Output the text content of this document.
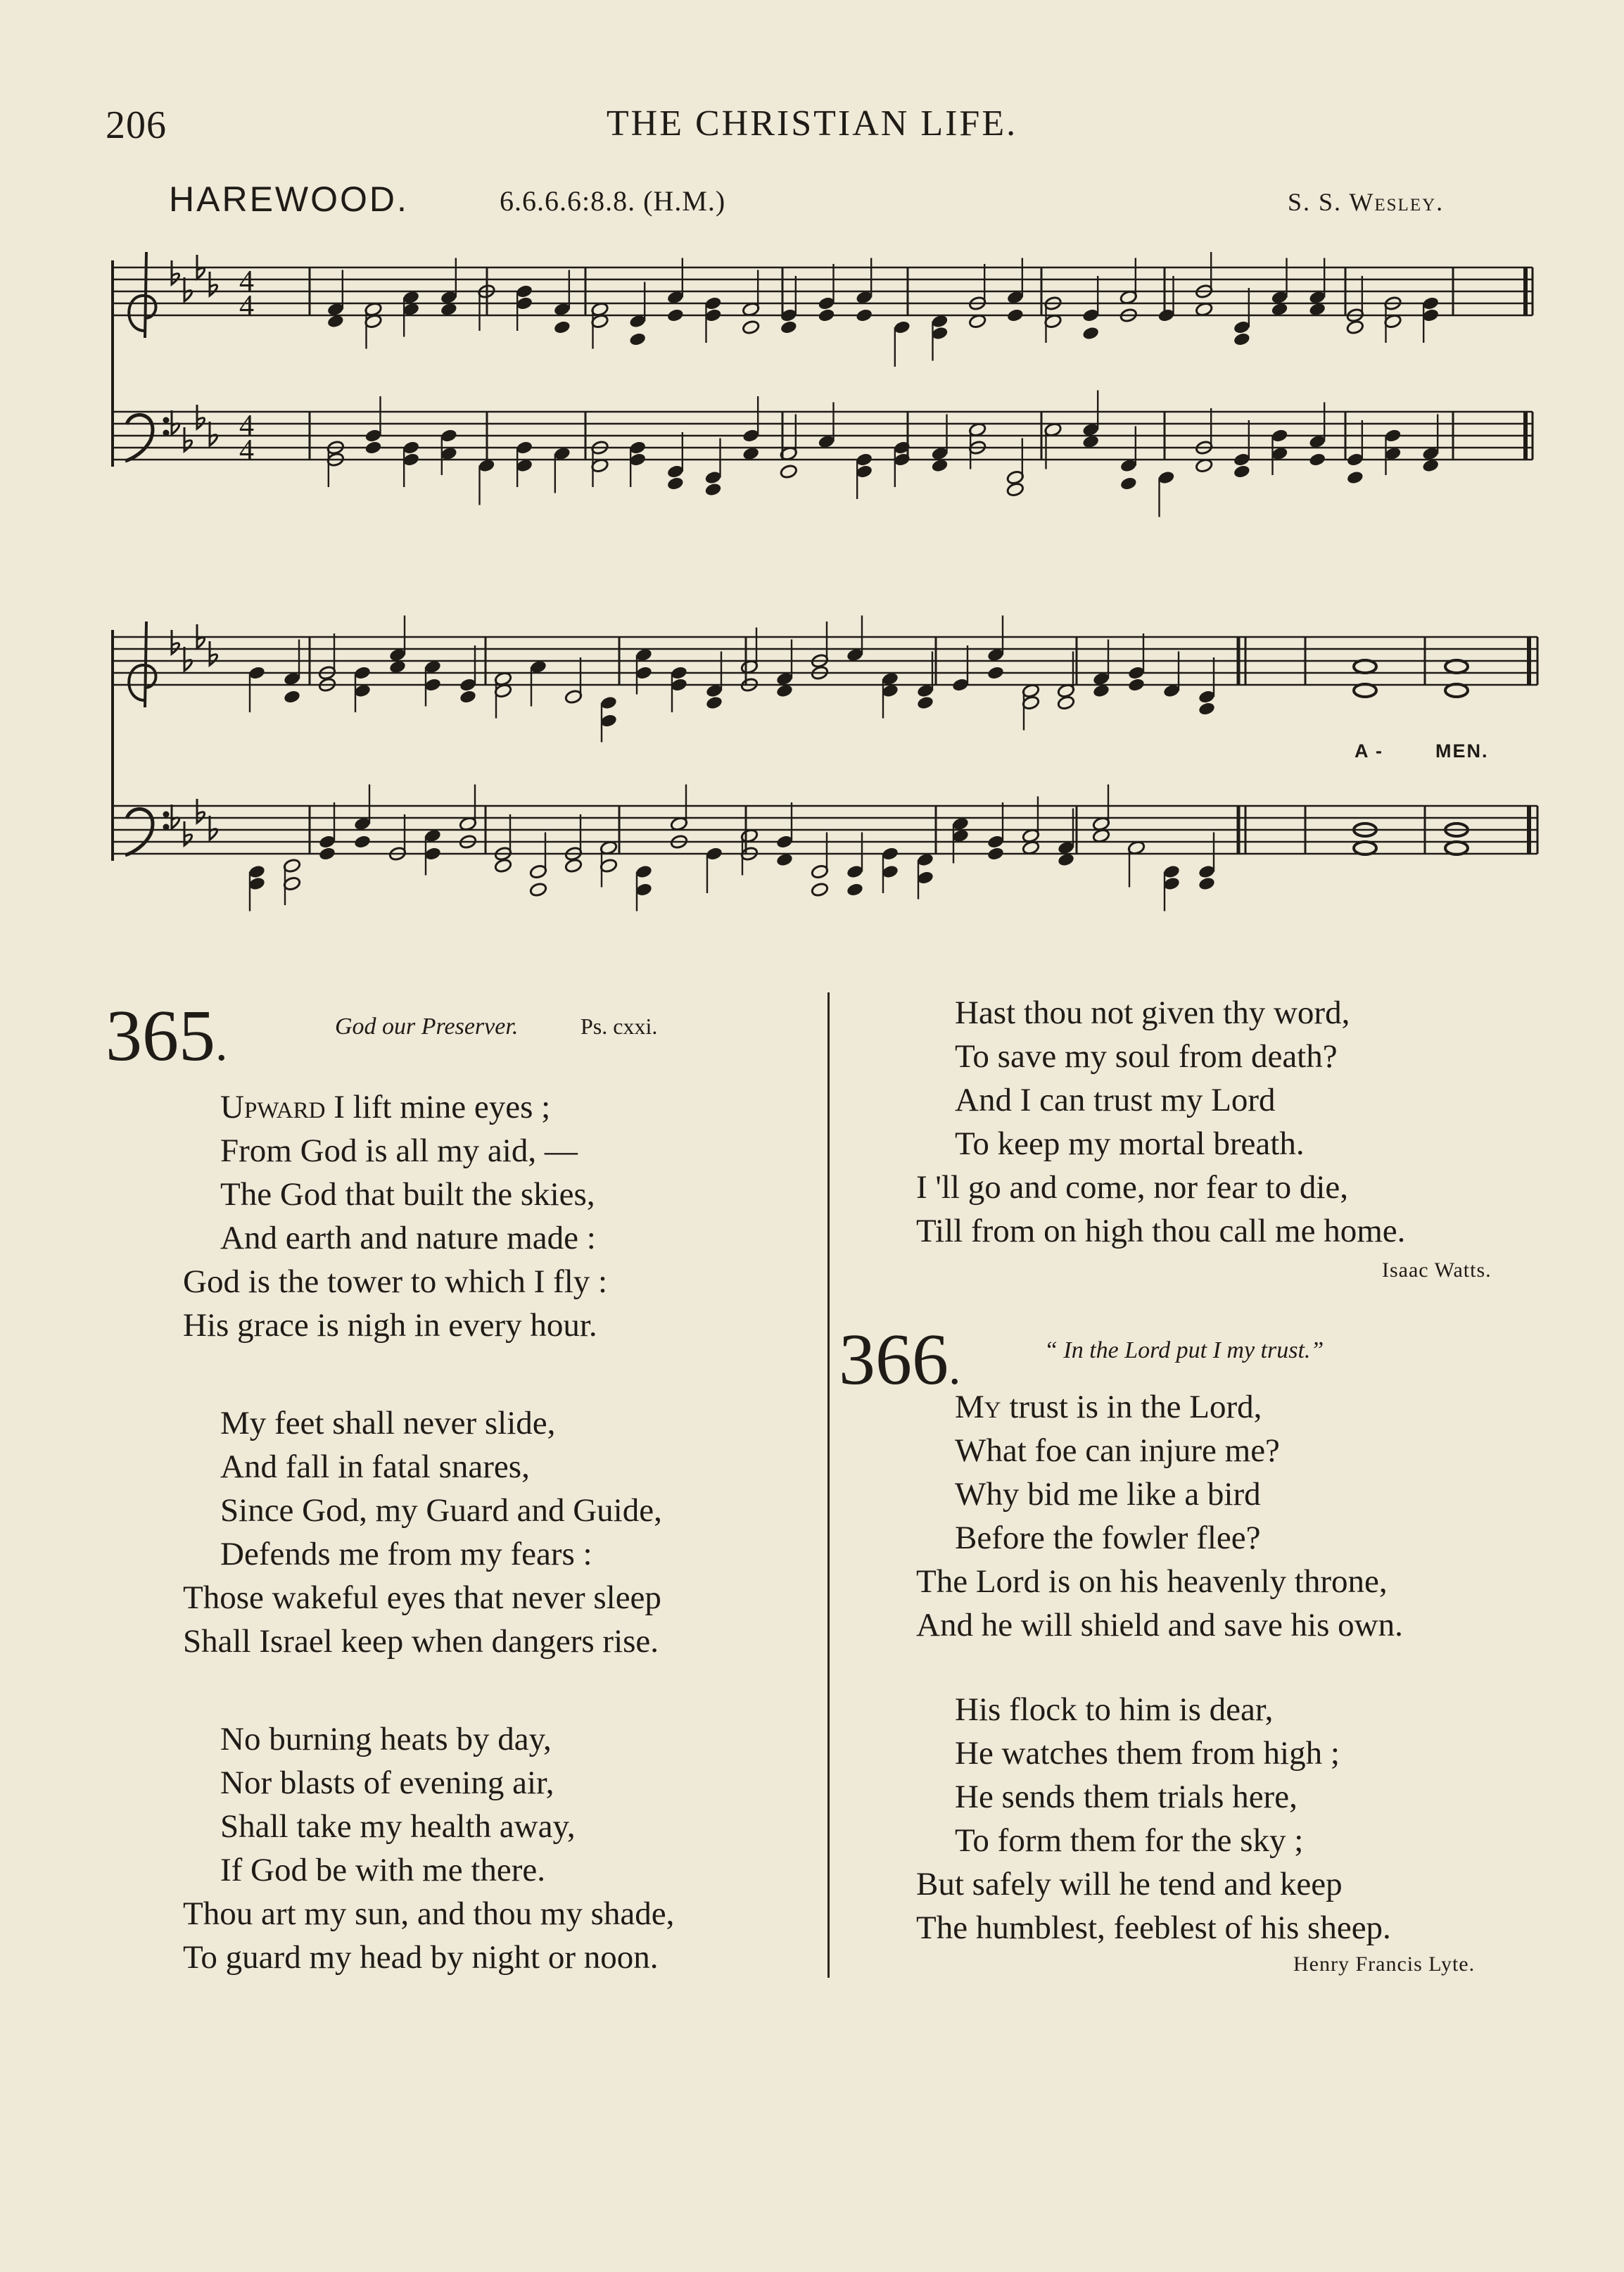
206	THE CHRISTIAN LIFE.
HAREWOOD.	6.6.6.6:8.8. (H.M.)	S. S. Wesley.
4
4
4
4
A -	MEN.
365.	God our Preserver.	Ps. cxxi.
Upward I lift mine eyes ;
From God is all my aid, —
The God that built the skies,
And earth and nature made :
God is the tower to which I fly :
His grace is nigh in every hour.
My feet shall never slide,
And fall in fatal snares,
Since God, my Guard and Guide,
Defends me from my fears :
Those wakeful eyes that never sleep
Shall Israel keep when dangers rise.
No burning heats by day,
Nor blasts of evening air,
Shall take my health away,
If God be with me there.
Thou art my sun, and thou my shade,
To guard my head by night or noon.
Hast thou not given thy word,
To save my soul from death?
And I can trust my Lord
To keep my mortal breath.
I 'll go and come, nor fear to die,
Till from on high thou call me home.
Isaac Watts.
366.	“ In the Lord put I my trust.”
My trust is in the Lord,
What foe can injure me?
Why bid me like a bird
Before the fowler flee?
The Lord is on his heavenly throne,
And he will shield and save his own.
His flock to him is dear,
He watches them from high ;
He sends them trials here,
To form them for the sky ;
But safely will he tend and keep
The humblest, feeblest of his sheep.
Henry Francis Lyte.
